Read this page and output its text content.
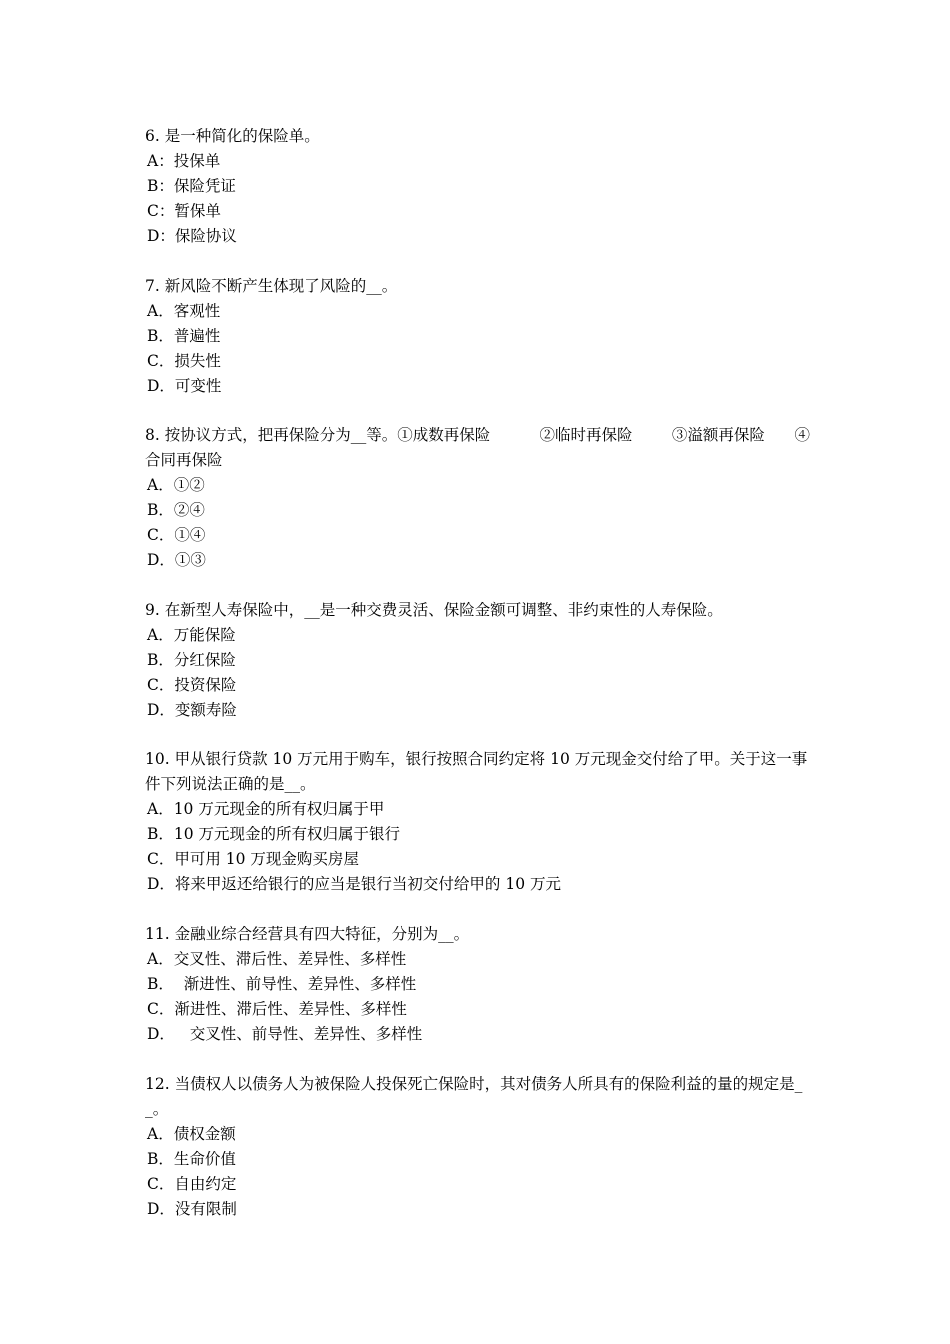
6. 是一种简化的保险单。
A：投保单
B：保险凭证
C：暂保单
D：保险协议
7. 新风险不断产生体现了风险的__。
A．客观性
B．普遍性
C．损失性
D．可变性
8. 按协议方式，把再保险分为__等。①成数再保险          ②临时再保险        ③溢额再保险      ④合同再保险
A．①②
B．②④
C．①④
D．①③
9. 在新型人寿保险中，__是一种交费灵活、保险金额可调整、非约束性的人寿保险。
A．万能保险
B．分红保险
C．投资保险
D．变额寿险
10. 甲从银行贷款 10 万元用于购车，银行按照合同约定将 10 万元现金交付给了甲。关于这一事件下列说法正确的是__。
A．10 万元现金的所有权归属于甲
B．10 万元现金的所有权归属于银行
C．甲可用 10 万现金购买房屋
D．将来甲返还给银行的应当是银行当初交付给甲的 10 万元
11. 金融业综合经营具有四大特征，分别为__。
A．交叉性、滞后性、差异性、多样性
B．  渐进性、前导性、差异性、多样性
C．渐进性、滞后性、差异性、多样性
D．   交叉性、前导性、差异性、多样性
12. 当债权人以债务人为被保险人投保死亡保险时，其对债务人所具有的保险利益的量的规定是__。
A．债权金额
B．生命价值
C．自由约定
D．没有限制
